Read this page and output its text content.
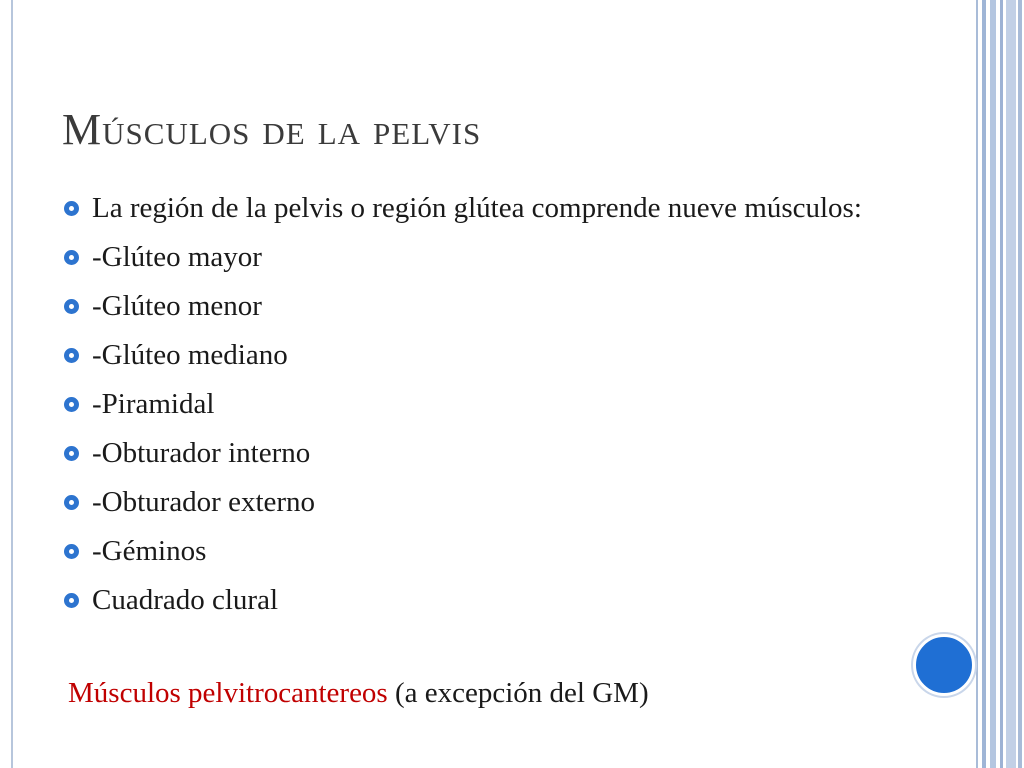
Músculos de la pelvis
La región de la pelvis o región glútea comprende nueve músculos:
-Glúteo mayor
-Glúteo menor
-Glúteo mediano
-Piramidal
-Obturador interno
-Obturador externo
-Géminos
Cuadrado clural
Músculos pelvitrocantereos (a excepción del GM)
